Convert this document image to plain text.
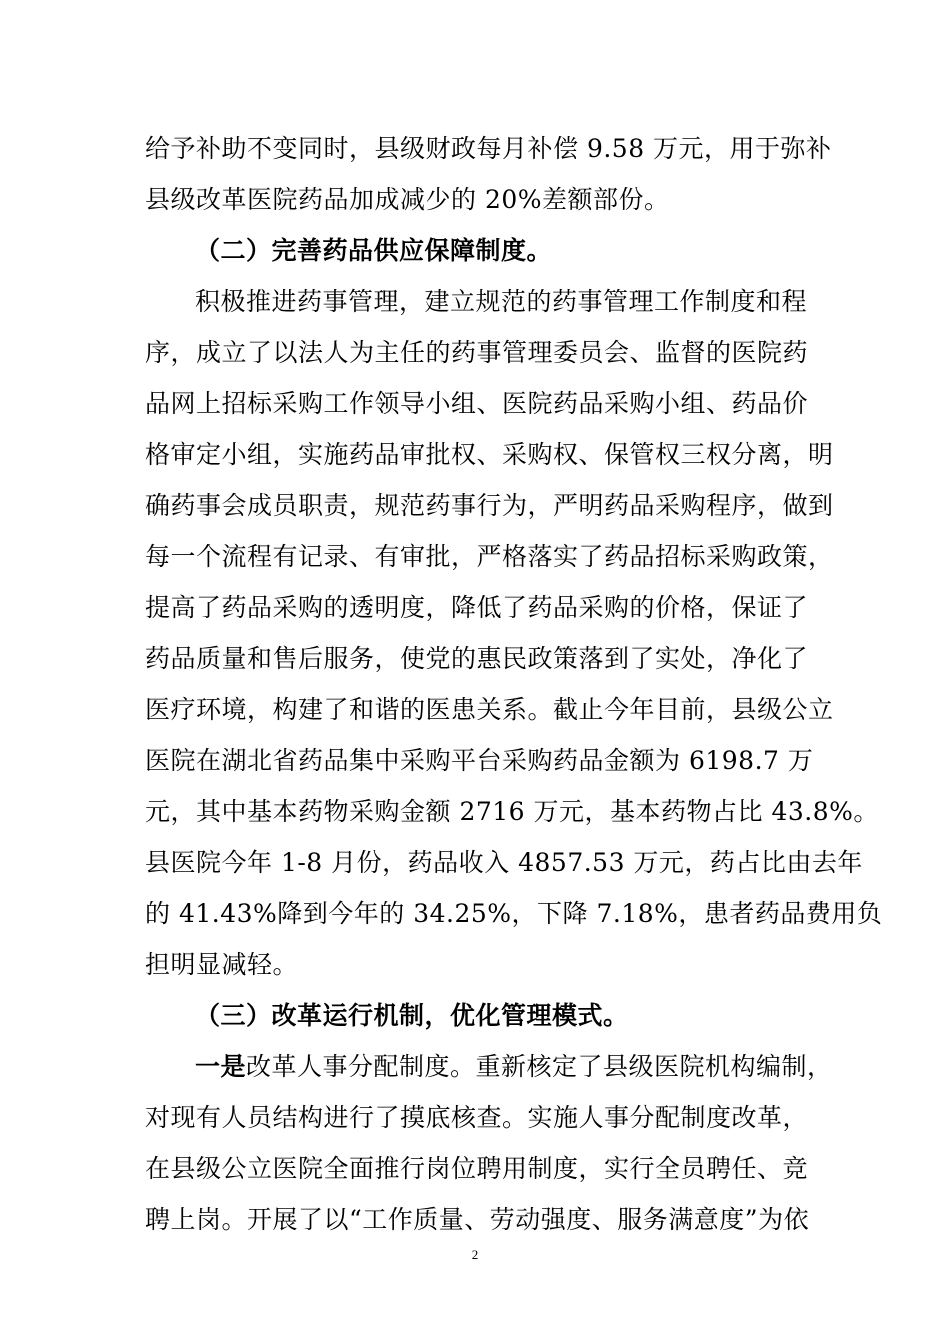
给予补助不变同时，县级财政每月补偿 9.58 万元，用于弥补
县级改革医院药品加成减少的 20%差额部份。
（二）完善药品供应保障制度。
积极推进药事管理，建立规范的药事管理工作制度和程
序，成立了以法人为主任的药事管理委员会、监督的医院药
品网上招标采购工作领导小组、医院药品采购小组、药品价
格审定小组，实施药品审批权、采购权、保管权三权分离，明
确药事会成员职责，规范药事行为，严明药品采购程序，做到
每一个流程有记录、有审批，严格落实了药品招标采购政策，
提高了药品采购的透明度，降低了药品采购的价格，保证了
药品质量和售后服务，使党的惠民政策落到了实处，净化了
医疗环境，构建了和谐的医患关系。截止今年目前，县级公立
医院在湖北省药品集中采购平台采购药品金额为 6198.7 万
元，其中基本药物采购金额 2716 万元，基本药物占比 43.8%。
县医院今年 1-8 月份，药品收入 4857.53 万元，药占比由去年
的 41.43%降到今年的 34.25%，下降 7.18%，患者药品费用负
担明显减轻。
（三）改革运行机制，优化管理模式。
一是改革人事分配制度。重新核定了县级医院机构编制，
对现有人员结构进行了摸底核查。实施人事分配制度改革，
在县级公立医院全面推行岗位聘用制度，实行全员聘任、竞
聘上岗。开展了以“工作质量、劳动强度、服务满意度”为依
2
